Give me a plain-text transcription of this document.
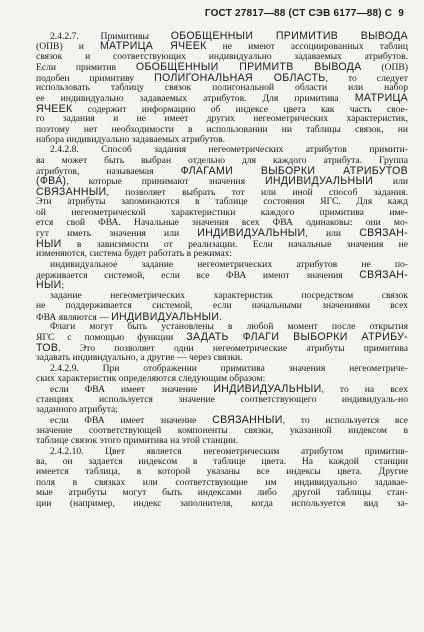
ГОСТ 27817—88 (СТ СЭВ 6177—88) С 9
2.4.2.7. Примитивы ОБОБЩЕННЫЙ ПРИМИТИВ ВЫВОДА
(ОПВ) и МАТРИЦА ЯЧЕЕК не имеют ассоциированных таблиц
связок и соответствующих индивидуально задаваемых атрибутов.
Если примитив ОБОБЩЕННЫЙ ПРИМИТВ ВЫВОДА (ОПВ)
подобен примитиву ПОЛИГОНАЛЬНАЯ ОБЛАСТЬ, то следует
использовать таблицу связок полигональной области или набор
ее индивидуально задаваемых атрибутов. Для примитива МАТРИЦА
ЯЧЕЕК содержит информацию об индексе цвета как часть свое-
го задания и не имеет других негеометрических характеристик,
поэтому нет необходимости в использовании ни таблицы связок, ни
набора индивидуально задаваемых атрибутов.
2.4.2.8. Способ задания негеометрических атрибутов примити-
ва может быть выбран отдельно для каждого атрибута. Группа
атрибутов, называемая ФЛАГАМИ ВЫБОРКИ АТРИБУТОВ
(ФВА), которые принимают значения ИНДИВИДУАЛЬНЫЙ или
СВЯЗАННЫЙ, позволяет выбрать тот или иной способ задания.
Эти атрибуты запоминаются в таблице состояния ЯГС. Для кажд
ой негеометрической характеристики каждого примитива име-
ется свой ФВА. Начальные значения всех ФВА одинаковы: они мо-
гут иметь значения или ИНДИВИДУАЛЬНЫЙ, или СВЯЗАН-
НЫЙ в зависимости от реализации. Если начальные значения не
изменяются, система будет работать в режимах:
индивидуальное задание негеометрических атрибутов не по-
держивается системой, если все ФВА имеют значения СВЯЗАН-
НЫЙ;
задание негеометрических характеристик посредством связок
не поддерживается системой, если начальными значениями всех
ФВА являются — ИНДИВИДУАЛЬНЫЙ.
Флаги могут быть установлены в любой момент после открытия
ЯГС с помощью функции ЗАДАТЬ ФЛАГИ ВЫБОРКИ АТРИБУ-
ТОВ. Это позволяет одни негеометрические атрибуты примитива
задавать индивидуально, а другие — через связки.
2.4.2.9. При отображении примитива значения негеометриче-
ских характеристик определяются следующим образом:
если ФВА имеет значение ИНДИВИДУАЛЬНЫЙ, то на всех
станциях используется значение соответствующего индивидуаль-но
заданного атрибута;
если ФВА имеет значение СВЯЗАННЫЙ, то используется все
значение соответствующей компоненты связки, указанной индексом в
таблице связок этого примитива на этой станции.
2.4.2.10. Цвет является негеометрическим атрибутом примитив-
ва, он задается индексом в таблице цвета. На каждой станции
имеется таблица, в которой указаны все индексы цвета. Другие
поля в связках или соответствующие им индивидуально задавае-
мые атрибуты могут быть индексами либо другой таблицы стан-
ции (например, индекс заполнителя, когда используется вид за-
